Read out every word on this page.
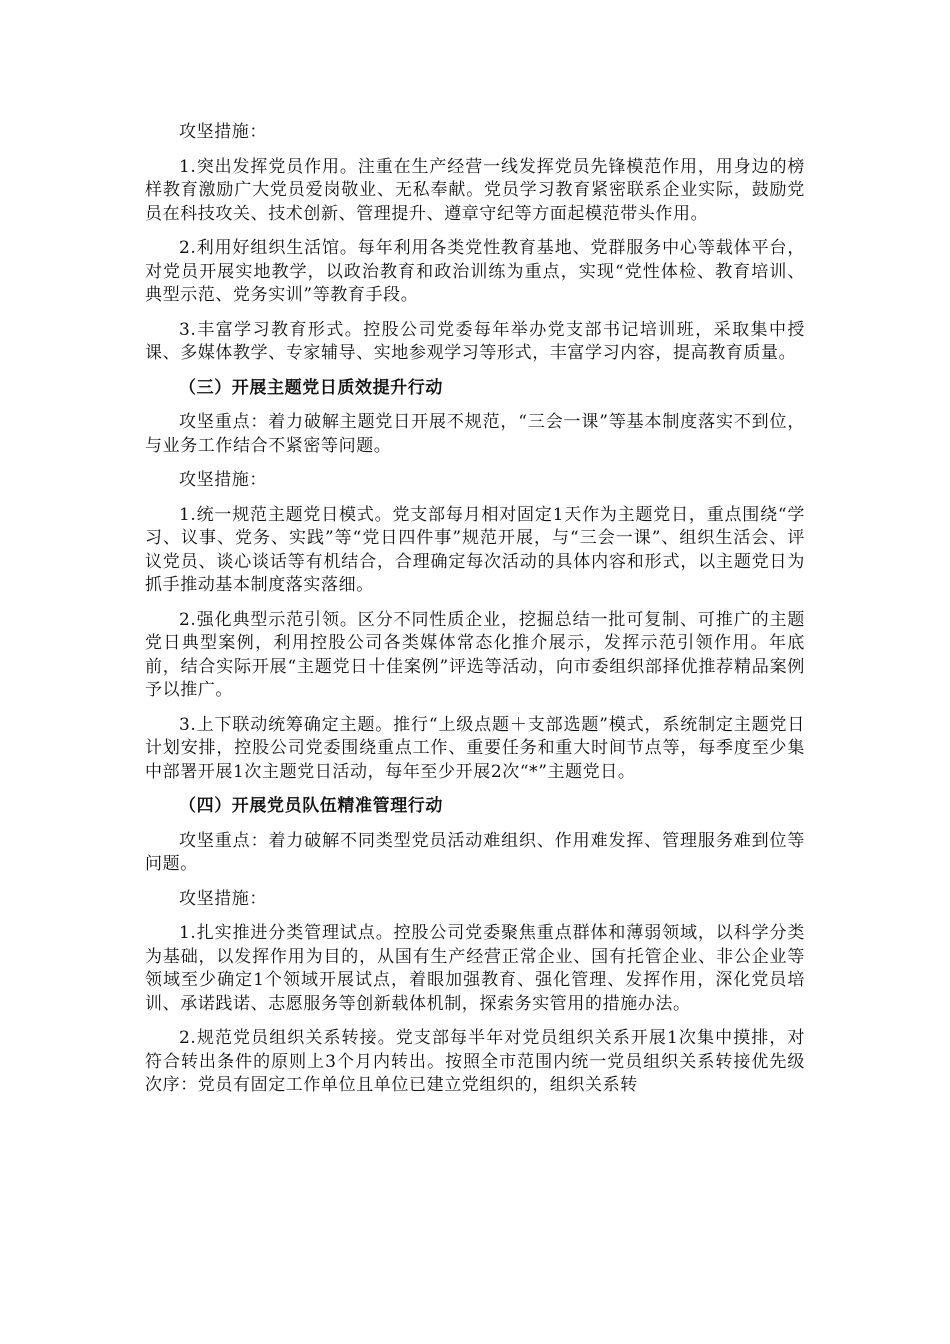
攻坚措施：

1.突出发挥党员作用。注重在生产经营一线发挥党员先锋模范作用，用身边的榜样教育激励广大党员爱岗敬业、无私奉献。党员学习教育紧密联系企业实际，鼓励党员在科技攻关、技术创新、管理提升、遵章守纪等方面起模范带头作用。

2.利用好组织生活馆。每年利用各类党性教育基地、党群服务中心等载体平台，对党员开展实地教学，以政治教育和政治训练为重点，实现“党性体检、教育培训、典型示范、党务实训”等教育手段。

3.丰富学习教育形式。控股公司党委每年举办党支部书记培训班，采取集中授课、多媒体教学、专家辅导、实地参观学习等形式，丰富学习内容，提高教育质量。

（三）开展主题党日质效提升行动

攻坚重点：着力破解主题党日开展不规范，“三会一课”等基本制度落实不到位，与业务工作结合不紧密等问题。

攻坚措施：

1.统一规范主题党日模式。党支部每月相对固定1天作为主题党日，重点围绕“学习、议事、党务、实践”等“党日四件事”规范开展，与“三会一课”、组织生活会、评议党员、谈心谈话等有机结合，合理确定每次活动的具体内容和形式，以主题党日为抓手推动基本制度落实落细。

2.强化典型示范引领。区分不同性质企业，挖掘总结一批可复制、可推广的主题党日典型案例，利用控股公司各类媒体常态化推介展示，发挥示范引领作用。年底前，结合实际开展“主题党日十佳案例”评选等活动，向市委组织部择优推荐精品案例予以推广。

3.上下联动统筹确定主题。推行“上级点题＋支部选题”模式，系统制定主题党日计划安排，控股公司党委围绕重点工作、重要任务和重大时间节点等，每季度至少集中部署开展1次主题党日活动，每年至少开展2次“*”主题党日。

（四）开展党员队伍精准管理行动

攻坚重点：着力破解不同类型党员活动难组织、作用难发挥、管理服务难到位等问题。

攻坚措施：

1.扎实推进分类管理试点。控股公司党委聚焦重点群体和薄弱领域，以科学分类为基础，以发挥作用为目的，从国有生产经营正常企业、国有托管企业、非公企业等领域至少确定1个领域开展试点，着眼加强教育、强化管理、发挥作用，深化党员培训、承诺践诺、志愿服务等创新载体机制，探索务实管用的措施办法。

2.规范党员组织关系转接。党支部每半年对党员组织关系开展1次集中摸排，对符合转出条件的原则上3个月内转出。按照全市范围内统一党员组织关系转接优先级次序：党员有固定工作单位且单位已建立党组织的，组织关系转
